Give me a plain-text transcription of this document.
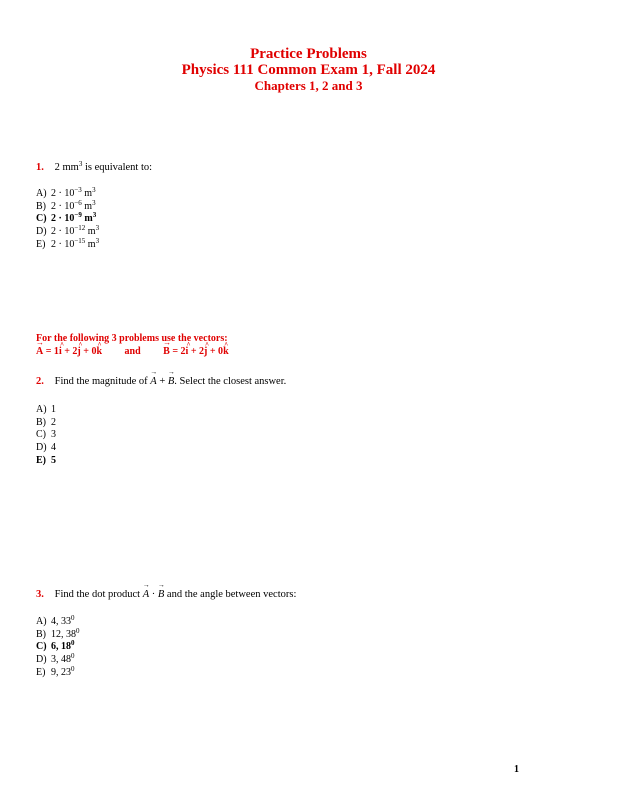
Practice Problems
Physics 111 Common Exam 1, Fall 2024
Chapters 1, 2 and 3
1. 2 $mm^3$ is equivalent to:
A) $2 \cdot 10^{-3}$ $m^3$
B) $2 \cdot 10^{-6}$ $m^3$
C) $2 \cdot 10^{-9}$ $m^3$
D) $2 \cdot 10^{-12}$ $m^3$
E) $2 \cdot 10^{-15}$ $m^3$
For the following 3 problems use the vectors:
→ A = 1^ i + 2^ j + 0^ k and → B = 2^ i + 2^ j + 0^ k
2. Find the magnitude of → A + → B. Select the closest answer.
A) 1
B) 2
C) 3
D) 4
E) 5
3. Find the dot product → A · → B and the angle between vectors:
A) 4, $33^0$
B) 12, $38^0$
C) 6, $18^0$
D) 3, $48^0$
E) 9, $23^0$
1
